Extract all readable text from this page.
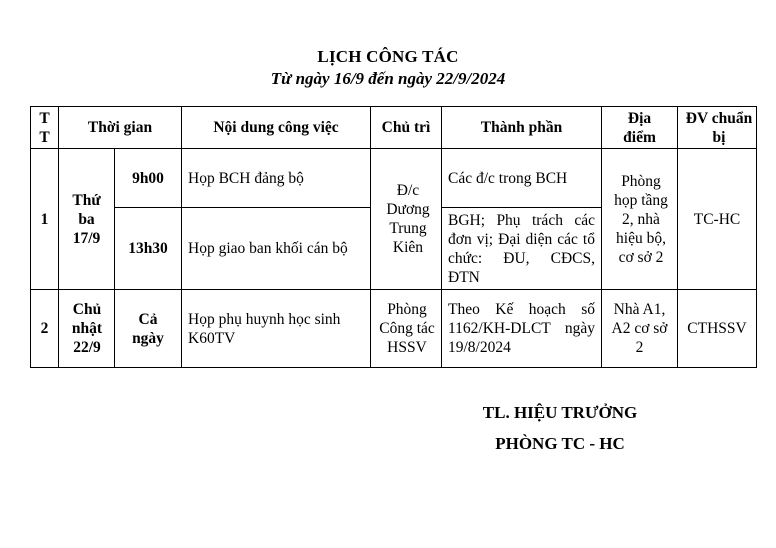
LỊCH CÔNG TÁC
Từ ngày 16/9 đến ngày 22/9/2024
T T	Thời gian		Nội dung công việc	Chủ trì	Thành phần	Địa điểm	ĐV chuẩn bị
1	Thứ ba 17/9	9h00	Họp BCH đảng bộ	Đ/c Dương Trung Kiên	Các đ/c trong BCH	Phòng họp tầng 2, nhà hiệu bộ, cơ sở 2	TC-HC
		13h30	Họp giao ban khối cán bộ		BGH; Phụ trách các đơn vị; Đại diện các tổ chức: ĐU, CĐCS, ĐTN		
2	Chủ nhật 22/9	Cả ngày	Họp phụ huynh học sinh K60TV	Phòng Công tác HSSV	Theo Kế hoạch số 1162/KH-DLCT ngày 19/8/2024	Nhà A1, A2 cơ sở 2	CTHSSV
TL. HIỆU TRƯỞNG
PHÒNG TC - HC
